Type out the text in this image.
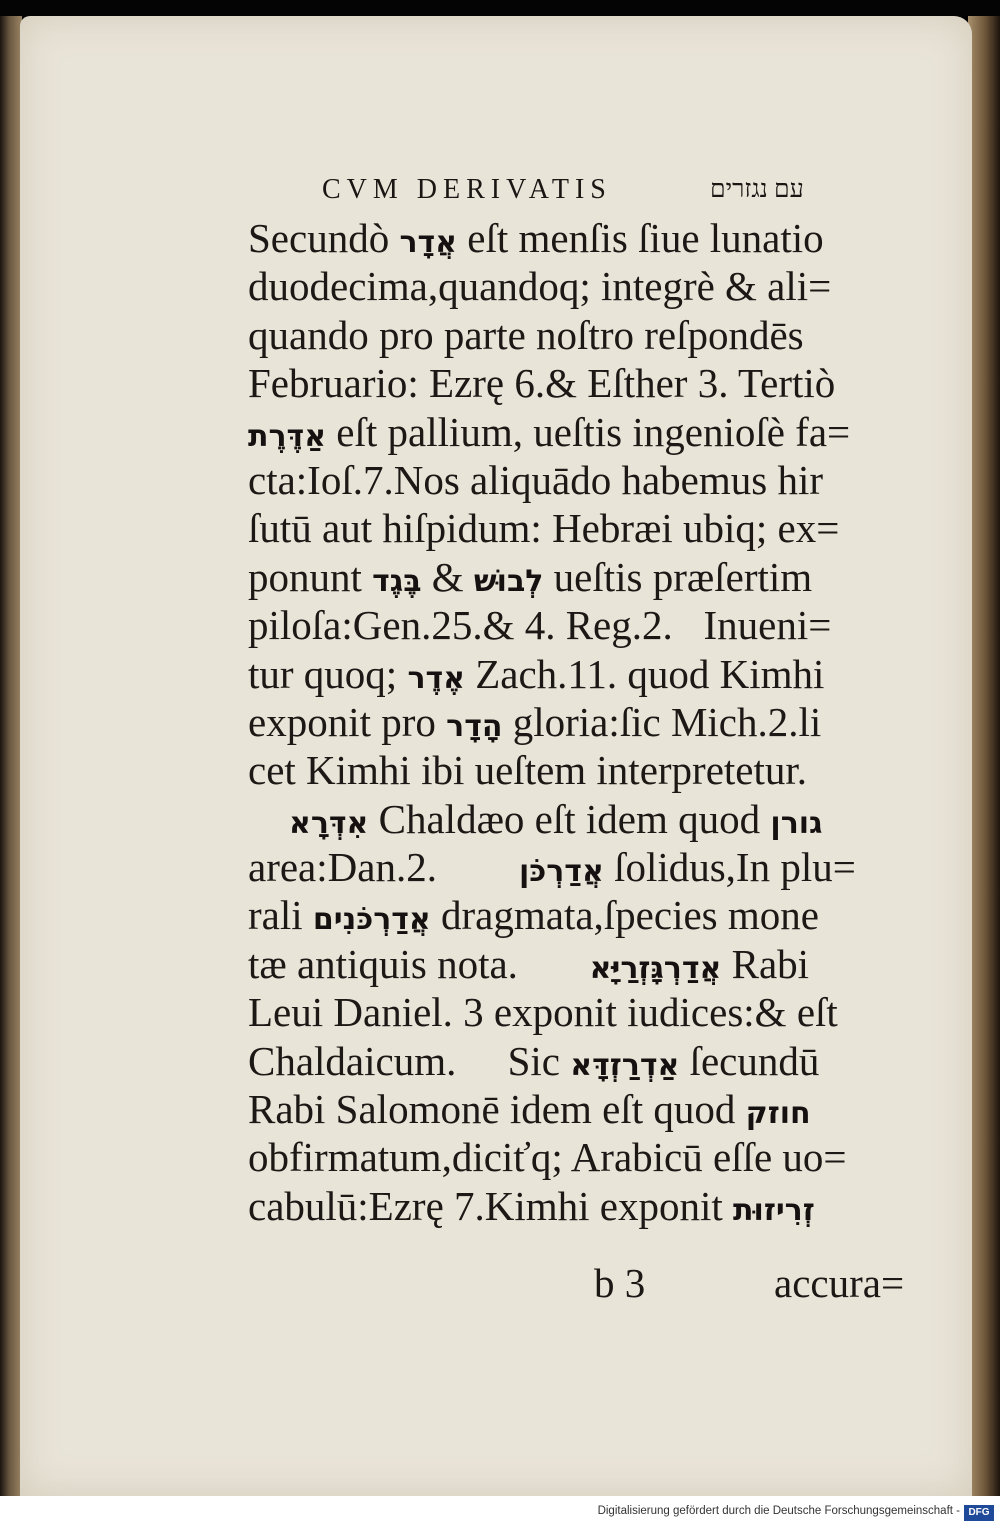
CVM DERIVATIS	עם נגזרים
Secundò אֲדָר eſt menſis ſiue lunatio
duodecima,quandoq; integrè & ali=
quando pro parte noſtro reſpondēs
Februario: Ezrę 6.& Eſther 3. Tertiò
אַדֶּרֶת eſt pallium, ueſtis ingenioſè fa=
cta:Ioſ.7.Nos aliquādo habemus hir
ſutū aut hiſpidum: Hebræi ubiq; ex=
ponunt בֶּגֶד & לְבוּשׁ ueſtis præſertim
piloſa:Gen.25.& 4. Reg.2.   Inueni=
tur quoq; אֶדֶר Zach.11. quod Kimhi
exponit pro הָדָר gloria:ſic Mich.2.li
cet Kimhi ibi ueſtem interpretetur.
אִדְּרָא Chaldæo eſt idem quod גורן
area:Dan.2.        אֲדַרְכֹּן ſolidus,In plu=
rali אֲדַרְכֹּנִים dragmata,ſpecies mone
tæ antiquis nota.       אֲדַרְגָּזְרַיָּא Rabi
Leui Daniel. 3 exponit iudices:& eſt
Chaldaicum.     Sic אַדְרַזְדָּא ſecundū
Rabi Salomonē idem eſt quod חוזק
obfirmatum,diciťq; Arabicū eſſe uo=
cabulū:Ezrę 7.Kimhi exponit זְרִיזוּת
b 3	accura=
Digitalisierung gefördert durch die Deutsche Forschungsgemeinschaft - DFG
